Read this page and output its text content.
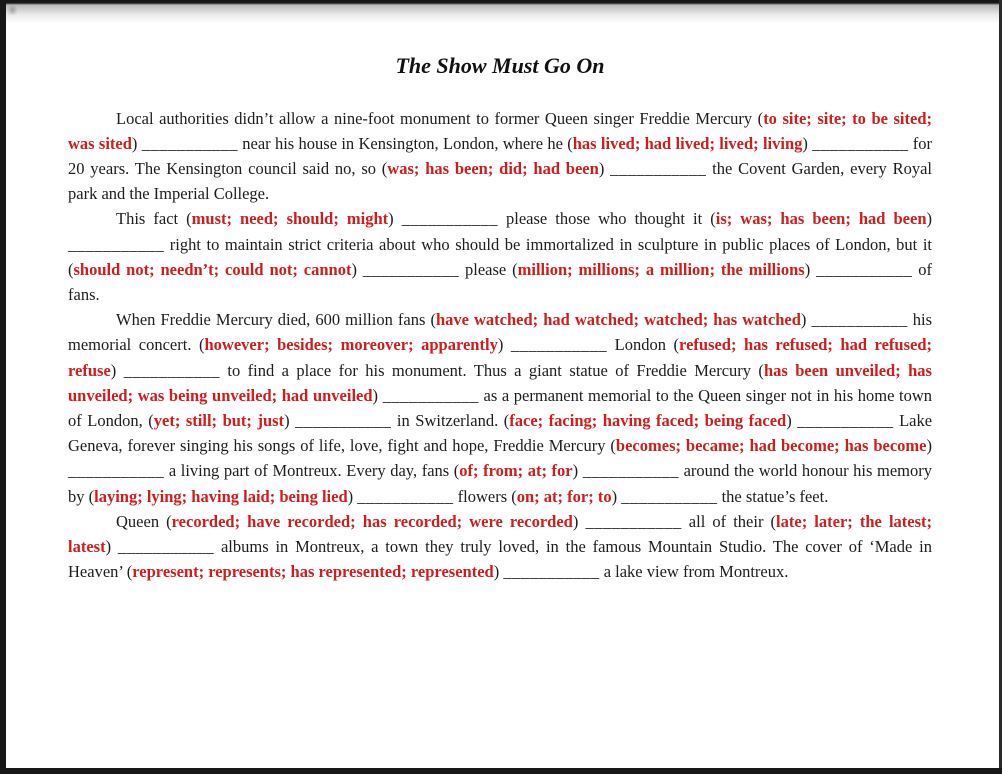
The Show Must Go On

Local authorities didn’t allow a nine-foot monument to former Queen singer Freddie Mercury (to site; site; to be sited; was sited) ___________ near his house in Kensington, London, where he (has lived; had lived; lived; living) ___________ for 20 years. The Kensington council said no, so (was; has been; did; had been) ___________ the Covent Garden, every Royal park and the Imperial College.

This fact (must; need; should; might) ___________ please those who thought it (is; was; has been; had been) ___________ right to maintain strict criteria about who should be immortalized in sculpture in public places of London, but it (should not; needn’t; could not; cannot) ___________ please (million; millions; a million; the millions) ___________ of fans.

When Freddie Mercury died, 600 million fans (have watched; had watched; watched; has watched) ___________ his memorial concert. (however; besides; moreover; apparently) ___________ London (refused; has refused; had refused; refuse) ___________ to find a place for his monument. Thus a giant statue of Freddie Mercury (has been unveiled; has unveiled; was being unveiled; had unveiled) ___________ as a permanent memorial to the Queen singer not in his home town of London, (yet; still; but; just) ___________ in Switzerland. (face; facing; having faced; being faced) ___________ Lake Geneva, forever singing his songs of life, love, fight and hope, Freddie Mercury (becomes; became; had become; has become) ___________ a living part of Montreux. Every day, fans (of; from; at; for) ___________ around the world honour his memory by (laying; lying; having laid; being lied) ___________ flowers (on; at; for; to) ___________ the statue’s feet.

Queen (recorded; have recorded; has recorded; were recorded) ___________ all of their (late; later; the latest; latest) ___________ albums in Montreux, a town they truly loved, in the famous Mountain Studio. The cover of ‘Made in Heaven’ (represent; represents; has represented; represented) ___________ a lake view from Montreux.
